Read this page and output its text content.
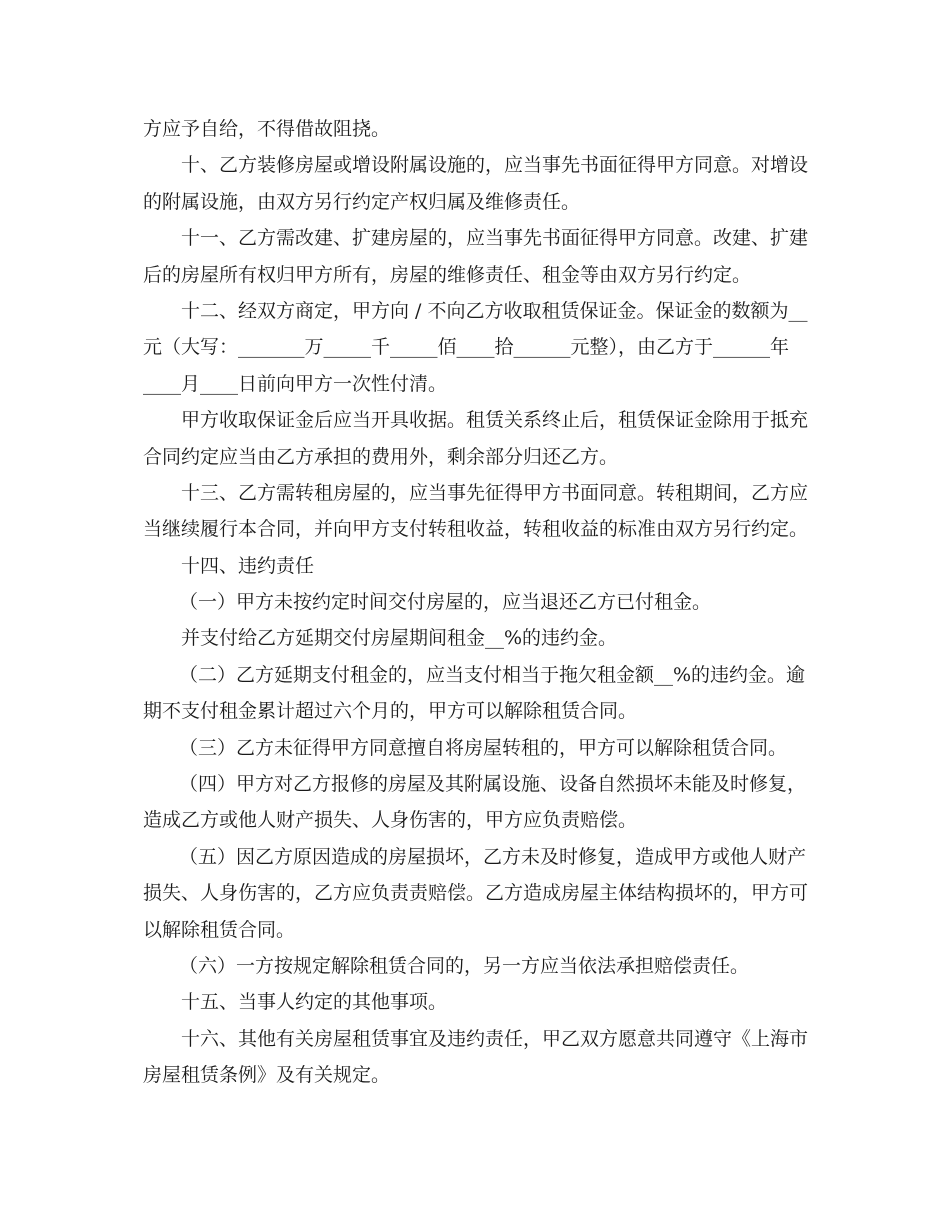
方应予自给，不得借故阻挠。
十、乙方装修房屋或增设附属设施的，应当事先书面征得甲方同意。对增设
的附属设施，由双方另行约定产权归属及维修责任。
十一、乙方需改建、扩建房屋的，应当事先书面征得甲方同意。改建、扩建
后的房屋所有权归甲方所有，房屋的维修责任、租金等由双方另行约定。
十二、经双方商定，甲方向 / 不向乙方收取租赁保证金。保证金的数额为__
元（大写：_______万_____千_____佰____拾______元整），由乙方于______年
____月____日前向甲方一次性付清。
甲方收取保证金后应当开具收据。租赁关系终止后，租赁保证金除用于抵充
合同约定应当由乙方承担的费用外，剩余部分归还乙方。
十三、乙方需转租房屋的，应当事先征得甲方书面同意。转租期间，乙方应
当继续履行本合同，并向甲方支付转租收益，转租收益的标准由双方另行约定。
十四、违约责任
（一）甲方未按约定时间交付房屋的，应当退还乙方已付租金。
并支付给乙方延期交付房屋期间租金__%的违约金。
（二）乙方延期支付租金的，应当支付相当于拖欠租金额__%的违约金。逾
期不支付租金累计超过六个月的，甲方可以解除租赁合同。
（三）乙方未征得甲方同意擅自将房屋转租的，甲方可以解除租赁合同。
（四）甲方对乙方报修的房屋及其附属设施、设备自然损坏未能及时修复，
造成乙方或他人财产损失、人身伤害的，甲方应负责赔偿。
（五）因乙方原因造成的房屋损坏，乙方未及时修复，造成甲方或他人财产
损失、人身伤害的，乙方应负责责赔偿。乙方造成房屋主体结构损坏的，甲方可
以解除租赁合同。
（六）一方按规定解除租赁合同的，另一方应当依法承担赔偿责任。
十五、当事人约定的其他事项。
十六、其他有关房屋租赁事宜及违约责任，甲乙双方愿意共同遵守《上海市
房屋租赁条例》及有关规定。
